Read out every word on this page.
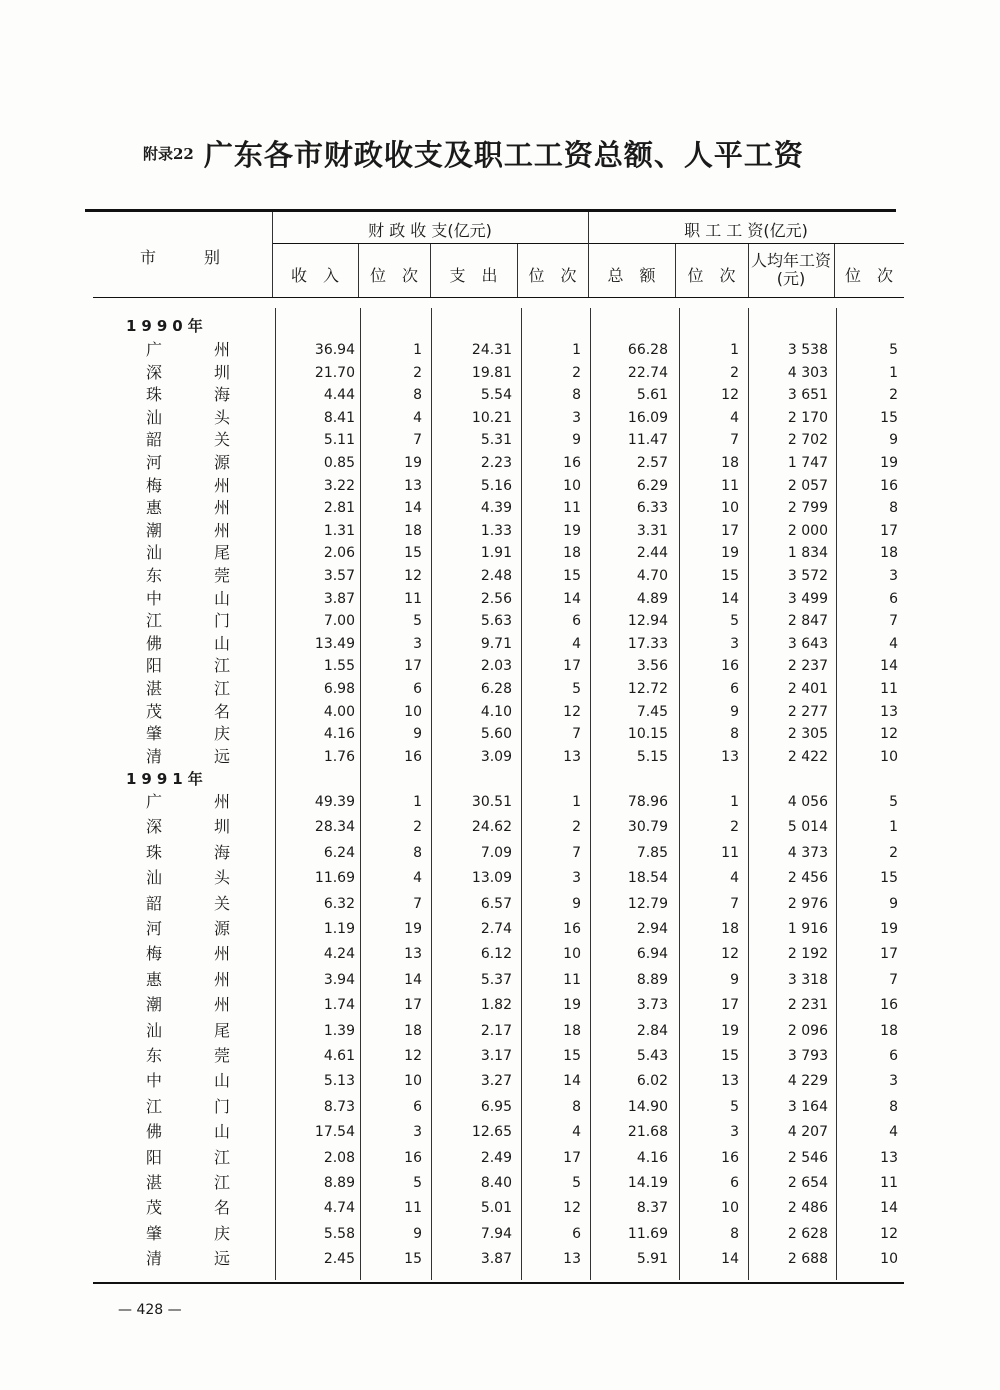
附录22 广东各市财政收支及职工工资总额、人平工资
市　　　别
财 政 收 支(亿元)	职 工 工 资(亿元)
收　入	位　次	支　出	位　次	总　额	位　次
人均年工资
(元)	位　次
1990年
广	州	36.94	1	24.31	1	66.28	1	3 538	5
深	圳	21.70	2	19.81	2	22.74	2	4 303	1
珠	海	4.44	8	5.54	8	5.61	12	3 651	2
汕	头	8.41	4	10.21	3	16.09	4	2 170	15
韶	关	5.11	7	5.31	9	11.47	7	2 702	9
河	源	0.85	19	2.23	16	2.57	18	1 747	19
梅	州	3.22	13	5.16	10	6.29	11	2 057	16
惠	州	2.81	14	4.39	11	6.33	10	2 799	8
潮	州	1.31	18	1.33	19	3.31	17	2 000	17
汕	尾	2.06	15	1.91	18	2.44	19	1 834	18
东	莞	3.57	12	2.48	15	4.70	15	3 572	3
中	山	3.87	11	2.56	14	4.89	14	3 499	6
江	门	7.00	5	5.63	6	12.94	5	2 847	7
佛	山	13.49	3	9.71	4	17.33	3	3 643	4
阳	江	1.55	17	2.03	17	3.56	16	2 237	14
湛	江	6.98	6	6.28	5	12.72	6	2 401	11
茂	名	4.00	10	4.10	12	7.45	9	2 277	13
肇	庆	4.16	9	5.60	7	10.15	8	2 305	12
清	远	1.76	16	3.09	13	5.15	13	2 422	10
1991年
广	州	49.39	1	30.51	1	78.96	1	4 056	5
深	圳	28.34	2	24.62	2	30.79	2	5 014	1
珠	海	6.24	8	7.09	7	7.85	11	4 373	2
汕	头	11.69	4	13.09	3	18.54	4	2 456	15
韶	关	6.32	7	6.57	9	12.79	7	2 976	9
河	源	1.19	19	2.74	16	2.94	18	1 916	19
梅	州	4.24	13	6.12	10	6.94	12	2 192	17
惠	州	3.94	14	5.37	11	8.89	9	3 318	7
潮	州	1.74	17	1.82	19	3.73	17	2 231	16
汕	尾	1.39	18	2.17	18	2.84	19	2 096	18
东	莞	4.61	12	3.17	15	5.43	15	3 793	6
中	山	5.13	10	3.27	14	6.02	13	4 229	3
江	门	8.73	6	6.95	8	14.90	5	3 164	8
佛	山	17.54	3	12.65	4	21.68	3	4 207	4
阳	江	2.08	16	2.49	17	4.16	16	2 546	13
湛	江	8.89	5	8.40	5	14.19	6	2 654	11
茂	名	4.74	11	5.01	12	8.37	10	2 486	14
肇	庆	5.58	9	7.94	6	11.69	8	2 628	12
清	远	2.45	15	3.87	13	5.91	14	2 688	10
— 428 —
